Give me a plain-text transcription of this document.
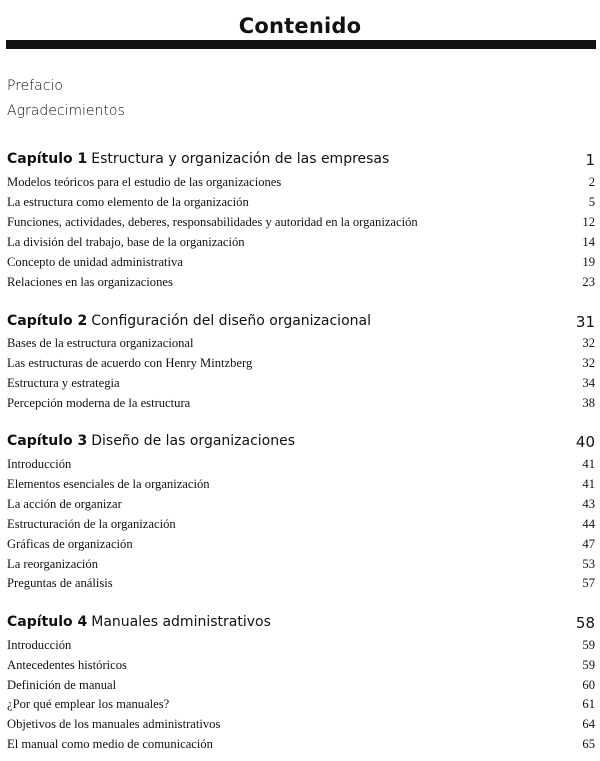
Contenido
Prefacio
Agradecimientos
Capítulo 1 Estructura y organización de las empresas	1
Modelos teóricos para el estudio de las organizaciones	2
La estructura como elemento de la organización	5
Funciones, actividades, deberes, responsabilidades y autoridad en la organización	12
La división del trabajo, base de la organización	14
Concepto de unidad administrativa	19
Relaciones en las organizaciones	23
Capítulo 2 Configuración del diseño organizacional	31
Bases de la estructura organizacional	32
Las estructuras de acuerdo con Henry Mintzberg	32
Estructura y estrategia	34
Percepción moderna de la estructura	38
Capítulo 3 Diseño de las organizaciones	40
Introducción	41
Elementos esenciales de la organización	41
La acción de organizar	43
Estructuración de la organización	44
Gráficas de organización	47
La reorganización	53
Preguntas de análisis	57
Capítulo 4 Manuales administrativos	58
Introducción	59
Antecedentes históricos	59
Definición de manual	60
¿Por qué emplear los manuales?	61
Objetivos de los manuales administrativos	64
El manual como medio de comunicación	65
